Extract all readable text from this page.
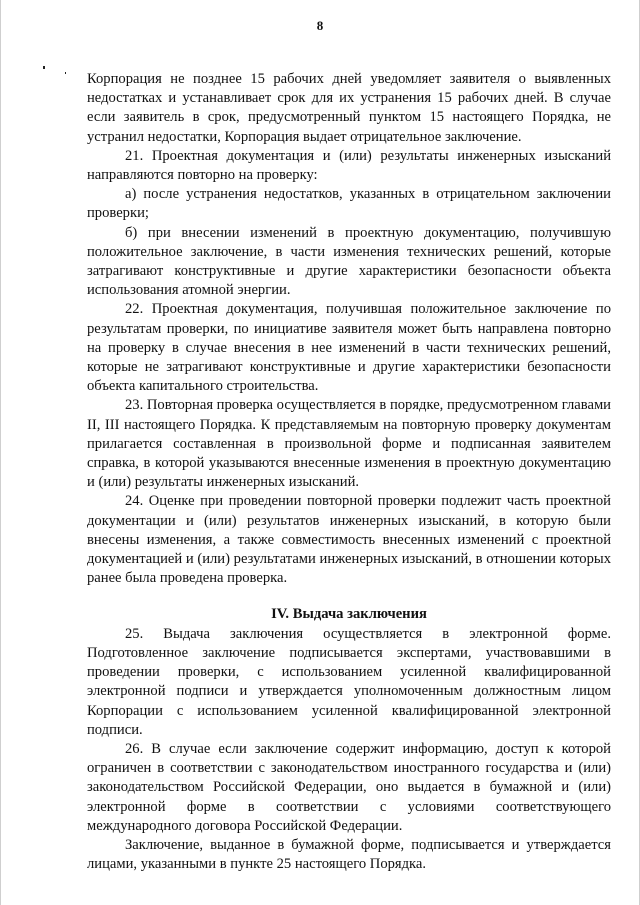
8

Корпорация не позднее 15 рабочих дней уведомляет заявителя о выявленных недостатках и устанавливает срок для их устранения 15 рабочих дней. В случае если заявитель в срок, предусмотренный пунктом 15 настоящего Порядка, не устранил недостатки, Корпорация выдает отрицательное заключение.

21. Проектная документация и (или) результаты инженерных изысканий направляются повторно на проверку:

а) после устранения недостатков, указанных в отрицательном заключении проверки;

б) при внесении изменений в проектную документацию, получившую положительное заключение, в части изменения технических решений, которые затрагивают конструктивные и другие характеристики безопасности объекта использования атомной энергии.

22. Проектная документация, получившая положительное заключение по результатам проверки, по инициативе заявителя может быть направлена повторно на проверку в случае внесения в нее изменений в части технических решений, которые не затрагивают конструктивные и другие характеристики безопасности объекта капитального строительства.

23. Повторная проверка осуществляется в порядке, предусмотренном главами II, III настоящего Порядка. К представляемым на повторную проверку документам прилагается составленная в произвольной форме и подписанная заявителем справка, в которой указываются внесенные изменения в проектную документацию и (или) результаты инженерных изысканий.

24. Оценке при проведении повторной проверки подлежит часть проектной документации и (или) результатов инженерных изысканий, в которую были внесены изменения, а также совместимость внесенных изменений с проектной документацией и (или) результатами инженерных изысканий, в отношении которых ранее была проведена проверка.

IV. Выдача заключения

25. Выдача заключения осуществляется в электронной форме. Подготовленное заключение подписывается экспертами, участвовавшими в проведении проверки, с использованием усиленной квалифицированной электронной подписи и утверждается уполномоченным должностным лицом Корпорации с использованием усиленной квалифицированной электронной подписи.

26. В случае если заключение содержит информацию, доступ к которой ограничен в соответствии с законодательством иностранного государства и (или) законодательством Российской Федерации, оно выдается в бумажной и (или) электронной форме в соответствии с условиями соответствующего международного договора Российской Федерации.

Заключение, выданное в бумажной форме, подписывается и утверждается лицами, указанными в пункте 25 настоящего Порядка.
